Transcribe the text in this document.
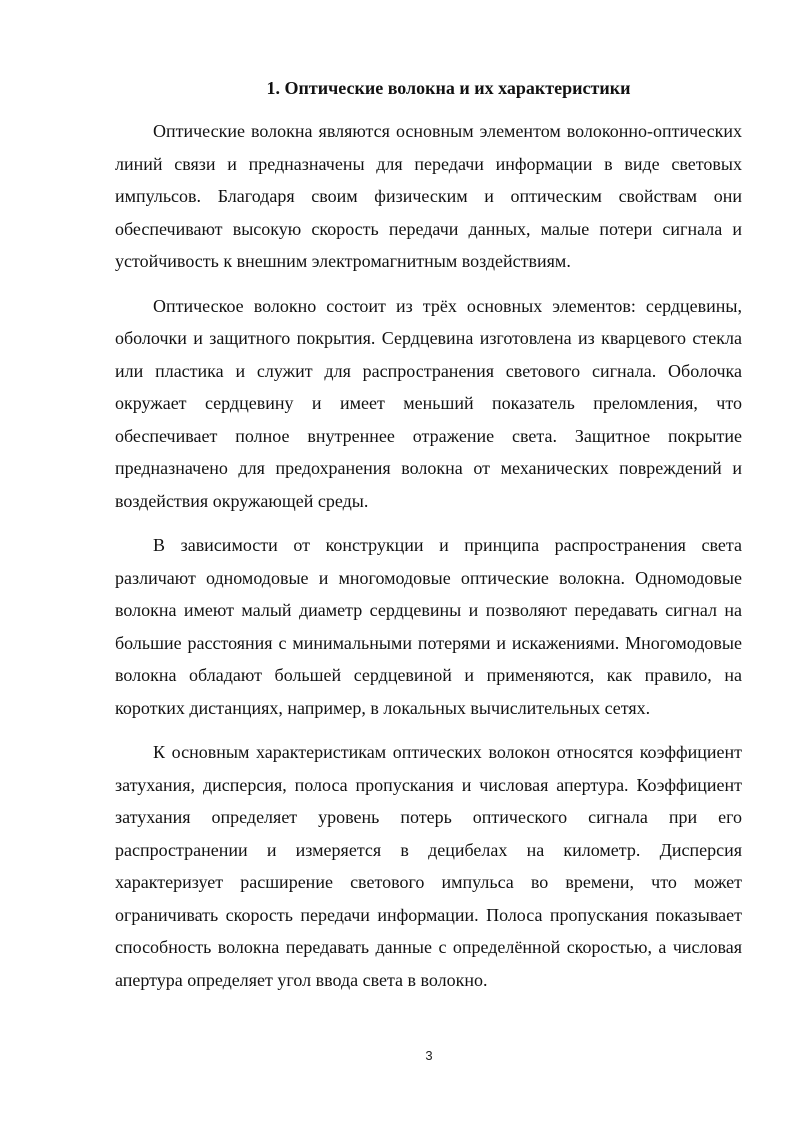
1. Оптические волокна и их характеристики

Оптические волокна являются основным элементом волоконно-оптических линий связи и предназначены для передачи информации в виде световых импульсов. Благодаря своим физическим и оптическим свойствам они обеспечивают высокую скорость передачи данных, малые потери сигнала и устойчивость к внешним электромагнитным воздействиям.

Оптическое волокно состоит из трёх основных элементов: сердцевины, оболочки и защитного покрытия. Сердцевина изготовлена из кварцевого стекла или пластика и служит для распространения светового сигнала. Оболочка окружает сердцевину и имеет меньший показатель преломления, что обеспечивает полное внутреннее отражение света. Защитное покрытие предназначено для предохранения волокна от механических повреждений и воздействия окружающей среды.

В зависимости от конструкции и принципа распространения света различают одномодовые и многомодовые оптические волокна. Одномодовые волокна имеют малый диаметр сердцевины и позволяют передавать сигнал на большие расстояния с минимальными потерями и искажениями. Многомодовые волокна обладают большей сердцевиной и применяются, как правило, на коротких дистанциях, например, в локальных вычислительных сетях.

К основным характеристикам оптических волокон относятся коэффициент затухания, дисперсия, полоса пропускания и числовая апертура. Коэффициент затухания определяет уровень потерь оптического сигнала при его распространении и измеряется в децибелах на километр. Дисперсия характеризует расширение светового импульса во времени, что может ограничивать скорость передачи информации. Полоса пропускания показывает способность волокна передавать данные с определённой скоростью, а числовая апертура определяет угол ввода света в волокно.

3
